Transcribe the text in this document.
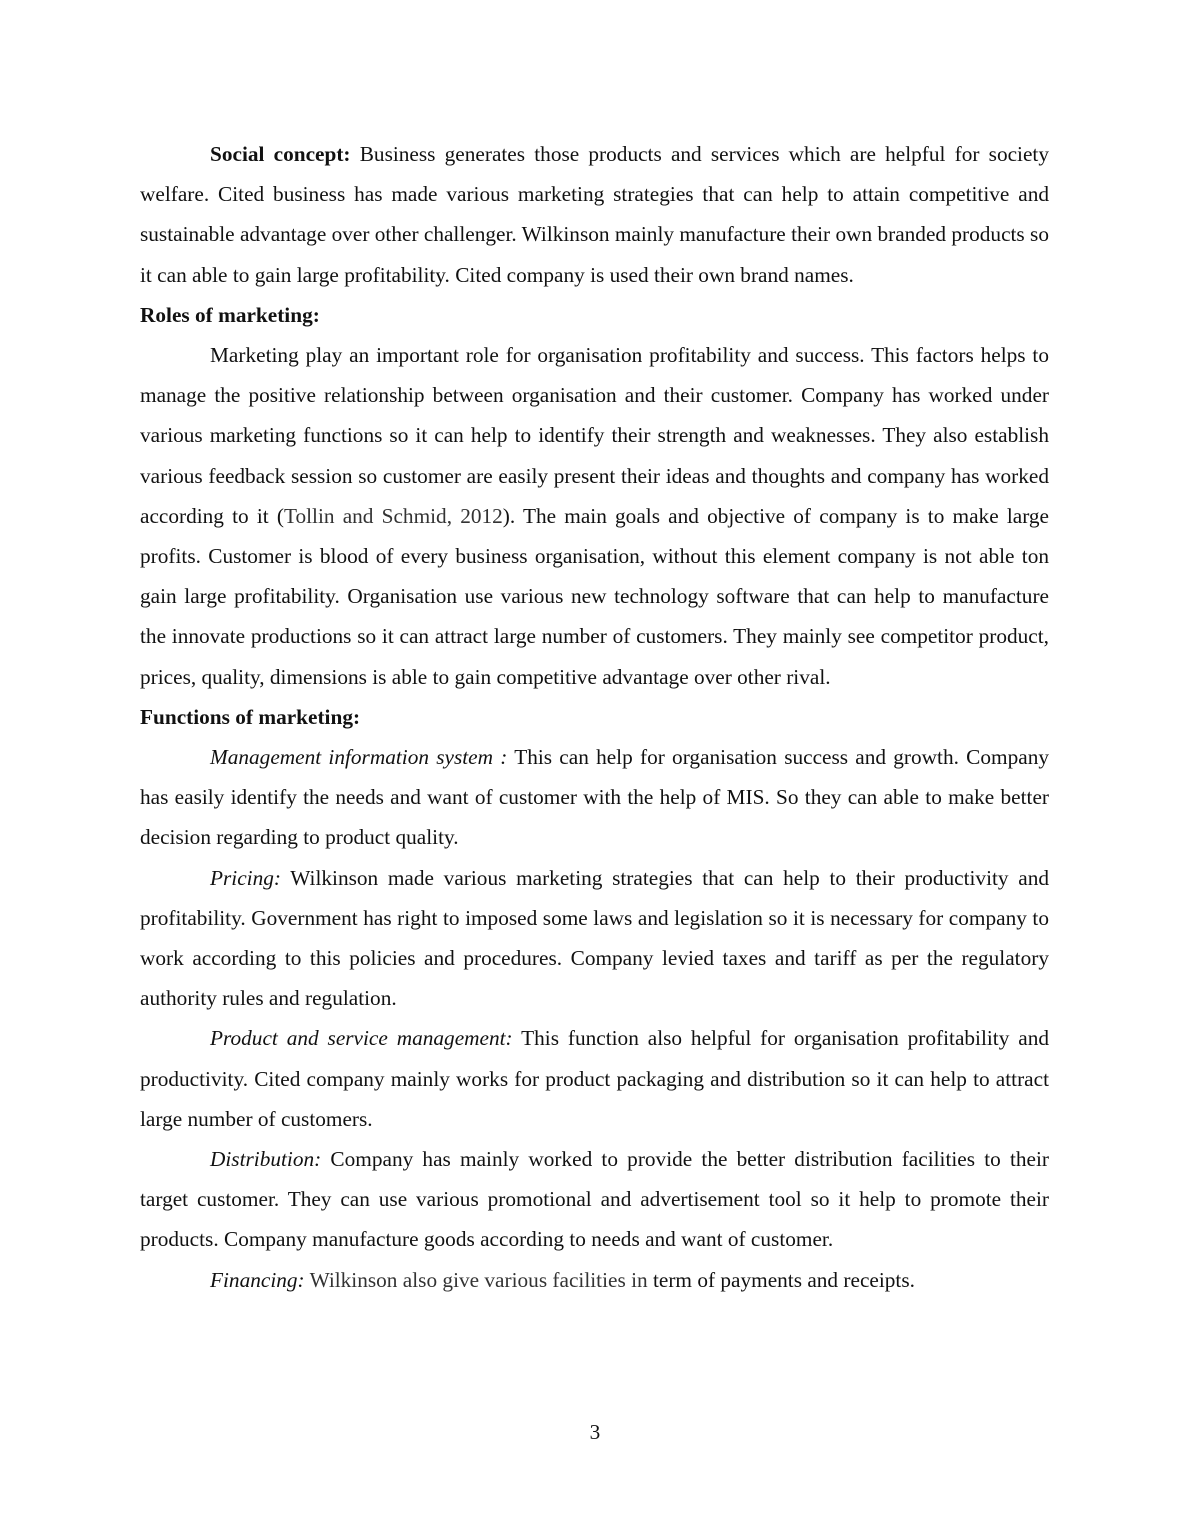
Social concept: Business generates those products and services which are helpful for society welfare. Cited business has made various marketing strategies that can help to attain competitive and sustainable advantage over other challenger. Wilkinson mainly manufacture their own branded products so it can able to gain large profitability. Cited company is used their own brand names.

Roles of marketing:

Marketing play an important role for organisation profitability and success. This factors helps to manage the positive relationship between organisation and their customer. Company has worked under various marketing functions so it can help to identify their strength and weaknesses. They also establish various feedback session so customer are easily present their ideas and thoughts and company has worked according to it (Tollin and Schmid, 2012). The main goals and objective of company is to make large profits. Customer is blood of every business organisation, without this element company is not able ton gain large profitability. Organisation use various new technology software that can help to manufacture the innovate productions so it can attract large number of customers. They mainly see competitor product, prices, quality, dimensions is able to gain competitive advantage over other rival.

Functions of marketing:

Management information system : This can help for organisation success and growth. Company has easily identify the needs and want of customer with the help of MIS. So they can able to make better decision regarding to product quality.

Pricing: Wilkinson made various marketing strategies that can help to their productivity and profitability. Government has right to imposed some laws and legislation so it is necessary for company to work according to this policies and procedures. Company levied taxes and tariff as per the regulatory authority rules and regulation.

Product and service management: This function also helpful for organisation profitability and productivity. Cited company mainly works for product packaging and distribution so it can help to attract large number of customers.

Distribution: Company has mainly worked to provide the better distribution facilities to their target customer. They can use various promotional and advertisement tool so it help to promote their products. Company manufacture goods according to needs and want of customer.

Financing: Wilkinson also give various facilities in term of payments and receipts.

3
